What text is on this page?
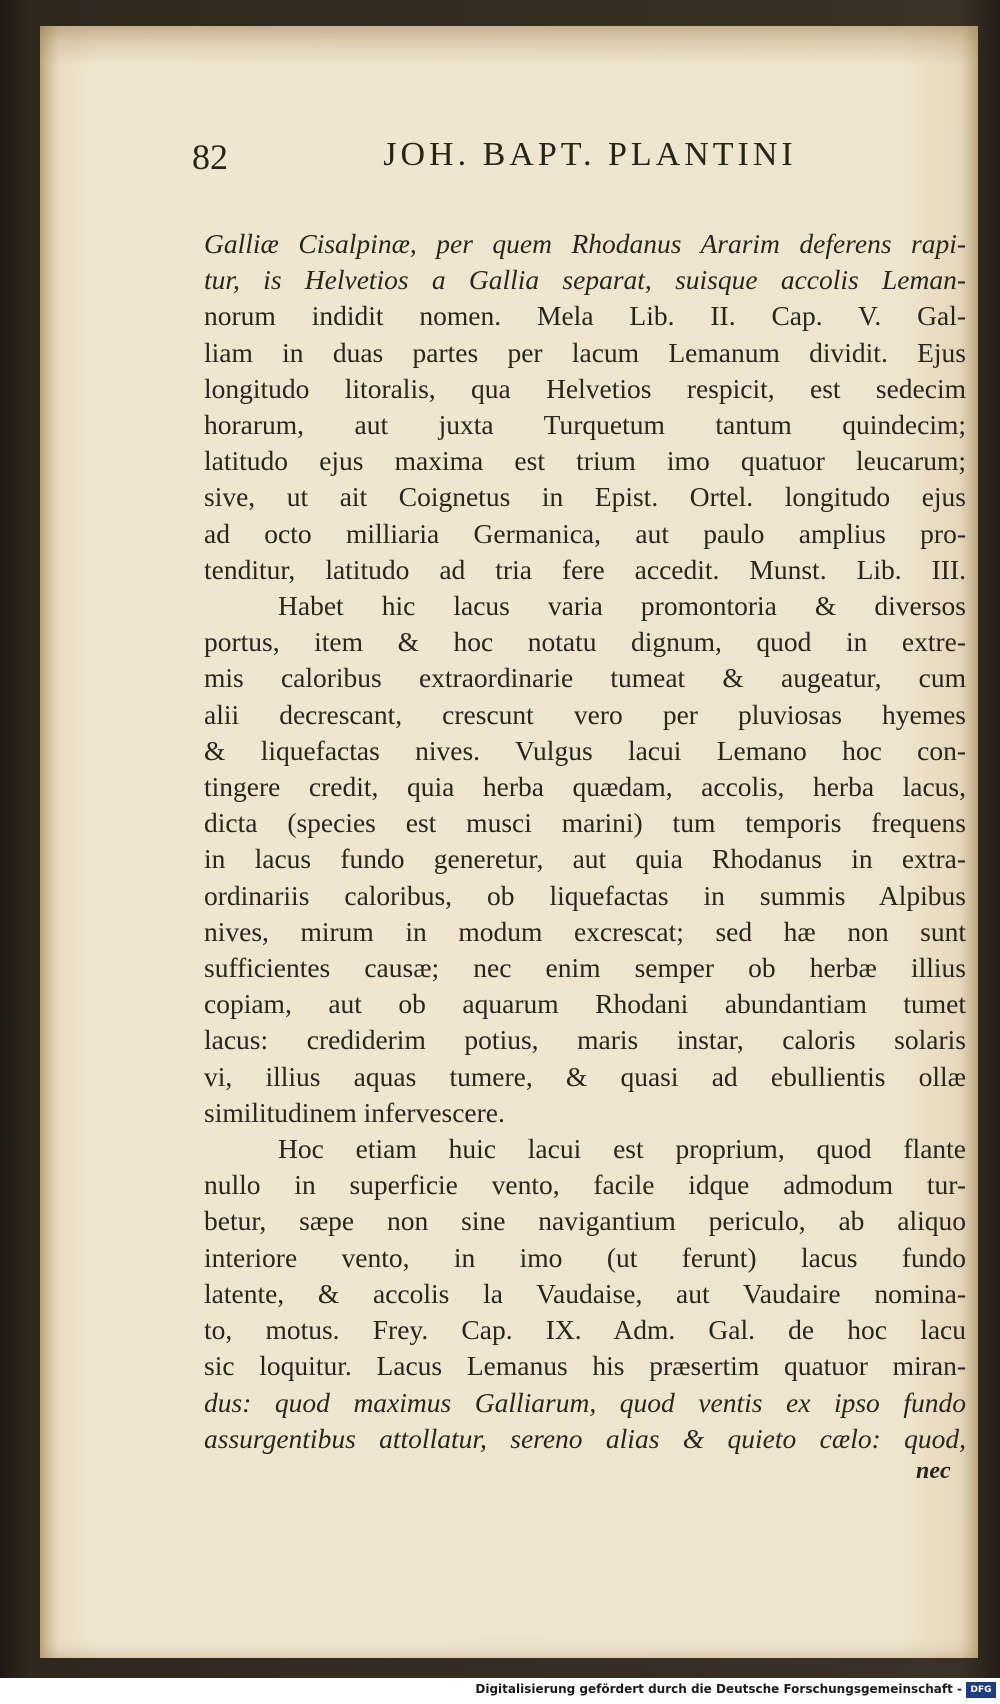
82	JOH. BAPT. PLANTINI
Galliæ Cisalpinæ, per quem Rhodanus Ararim deferens rapi-
tur, is Helvetios a Gallia separat, suisque accolis Leman-
norum indidit nomen. Mela Lib. II. Cap. V. Gal-
liam in duas partes per lacum Lemanum dividit. Ejus
longitudo litoralis, qua Helvetios respicit, est sedecim
horarum, aut juxta Turquetum tantum quindecim;
latitudo ejus maxima est trium imo quatuor leucarum;
sive, ut ait Coignetus in Epist. Ortel. longitudo ejus
ad octo milliaria Germanica, aut paulo amplius pro-
tenditur, latitudo ad tria fere accedit. Munst. Lib. III.
Habet hic lacus varia promontoria & diversos
portus, item & hoc notatu dignum, quod in extre-
mis caloribus extraordinarie tumeat & augeatur, cum
alii decrescant, crescunt vero per pluviosas hyemes
& liquefactas nives. Vulgus lacui Lemano hoc con-
tingere credit, quia herba quædam, accolis, herba lacus,
dicta (species est musci marini) tum temporis frequens
in lacus fundo generetur, aut quia Rhodanus in extra-
ordinariis caloribus, ob liquefactas in summis Alpibus
nives, mirum in modum excrescat; sed hæ non sunt
sufficientes causæ; nec enim semper ob herbæ illius
copiam, aut ob aquarum Rhodani abundantiam tumet
lacus: crediderim potius, maris instar, caloris solaris
vi, illius aquas tumere, & quasi ad ebullientis ollæ
similitudinem infervescere.
Hoc etiam huic lacui est proprium, quod flante
nullo in superficie vento, facile idque admodum tur-
betur, sæpe non sine navigantium periculo, ab aliquo
interiore vento, in imo (ut ferunt) lacus fundo
latente, & accolis la Vaudaise, aut Vaudaire nomina-
to, motus. Frey. Cap. IX. Adm. Gal. de hoc lacu
sic loquitur. Lacus Lemanus his præsertim quatuor miran-
dus: quod maximus Galliarum, quod ventis ex ipso fundo
assurgentibus attollatur, sereno alias & quieto cælo: quod,
nec
Digitalisierung gefördert durch die Deutsche Forschungsgemeinschaft - DFG
